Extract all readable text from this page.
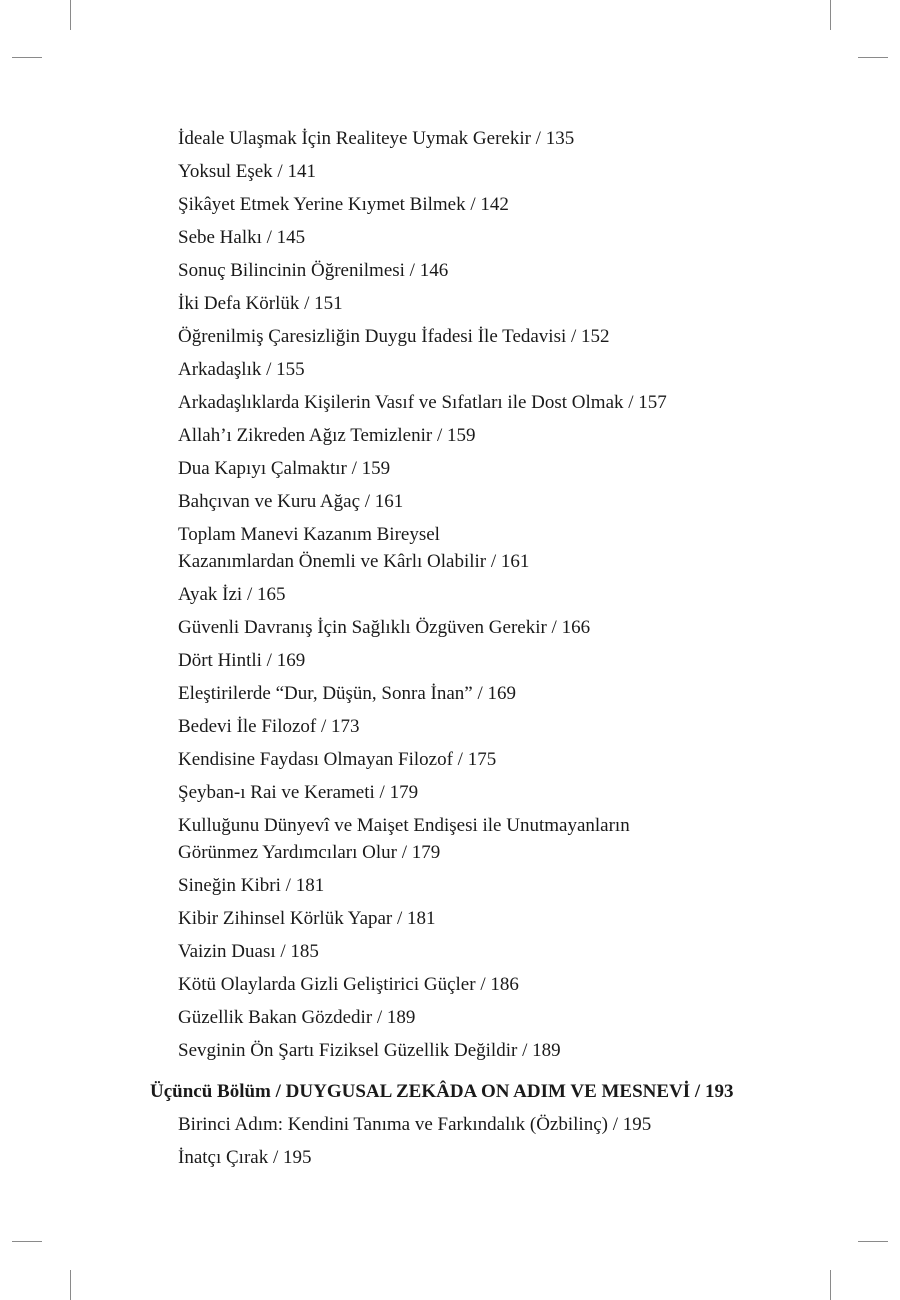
İdeale Ulaşmak İçin Realiteye Uymak Gerekir / 135
Yoksul Eşek / 141
Şikâyet Etmek Yerine Kıymet Bilmek / 142
Sebe Halkı / 145
Sonuç Bilincinin Öğrenilmesi / 146
İki Defa Körlük / 151
Öğrenilmiş Çaresizliğin Duygu İfadesi İle Tedavisi / 152
Arkadaşlık / 155
Arkadaşlıklarda Kişilerin Vasıf ve Sıfatları ile Dost Olmak / 157
Allah’ı Zikreden Ağız Temizlenir / 159
Dua Kapıyı Çalmaktır / 159
Bahçıvan ve Kuru Ağaç / 161
Toplam Manevi Kazanım Bireysel
Kazanımlardan Önemli ve Kârlı Olabilir / 161
Ayak İzi / 165
Güvenli Davranış İçin Sağlıklı Özgüven Gerekir / 166
Dört Hintli / 169
Eleştirilerde “Dur, Düşün, Sonra İnan” / 169
Bedevi İle Filozof / 173
Kendisine Faydası Olmayan Filozof / 175
Şeyban-ı Rai ve Kerameti / 179
Kulluğunu Dünyevî ve Maişet Endişesi ile Unutmayanların
Görünmez Yardımcıları Olur / 179
Sineğin Kibri / 181
Kibir Zihinsel Körlük Yapar / 181
Vaizin Duası / 185
Kötü Olaylarda Gizli Geliştirici Güçler / 186
Güzellik Bakan Gözdedir / 189
Sevginin Ön Şartı Fiziksel Güzellik Değildir / 189
Üçüncü Bölüm / DUYGUSAL ZEKÂDA ON ADIM VE MESNEVİ / 193
Birinci Adım: Kendini Tanıma ve Farkındalık (Özbilinç) / 195
İnatçı Çırak / 195
